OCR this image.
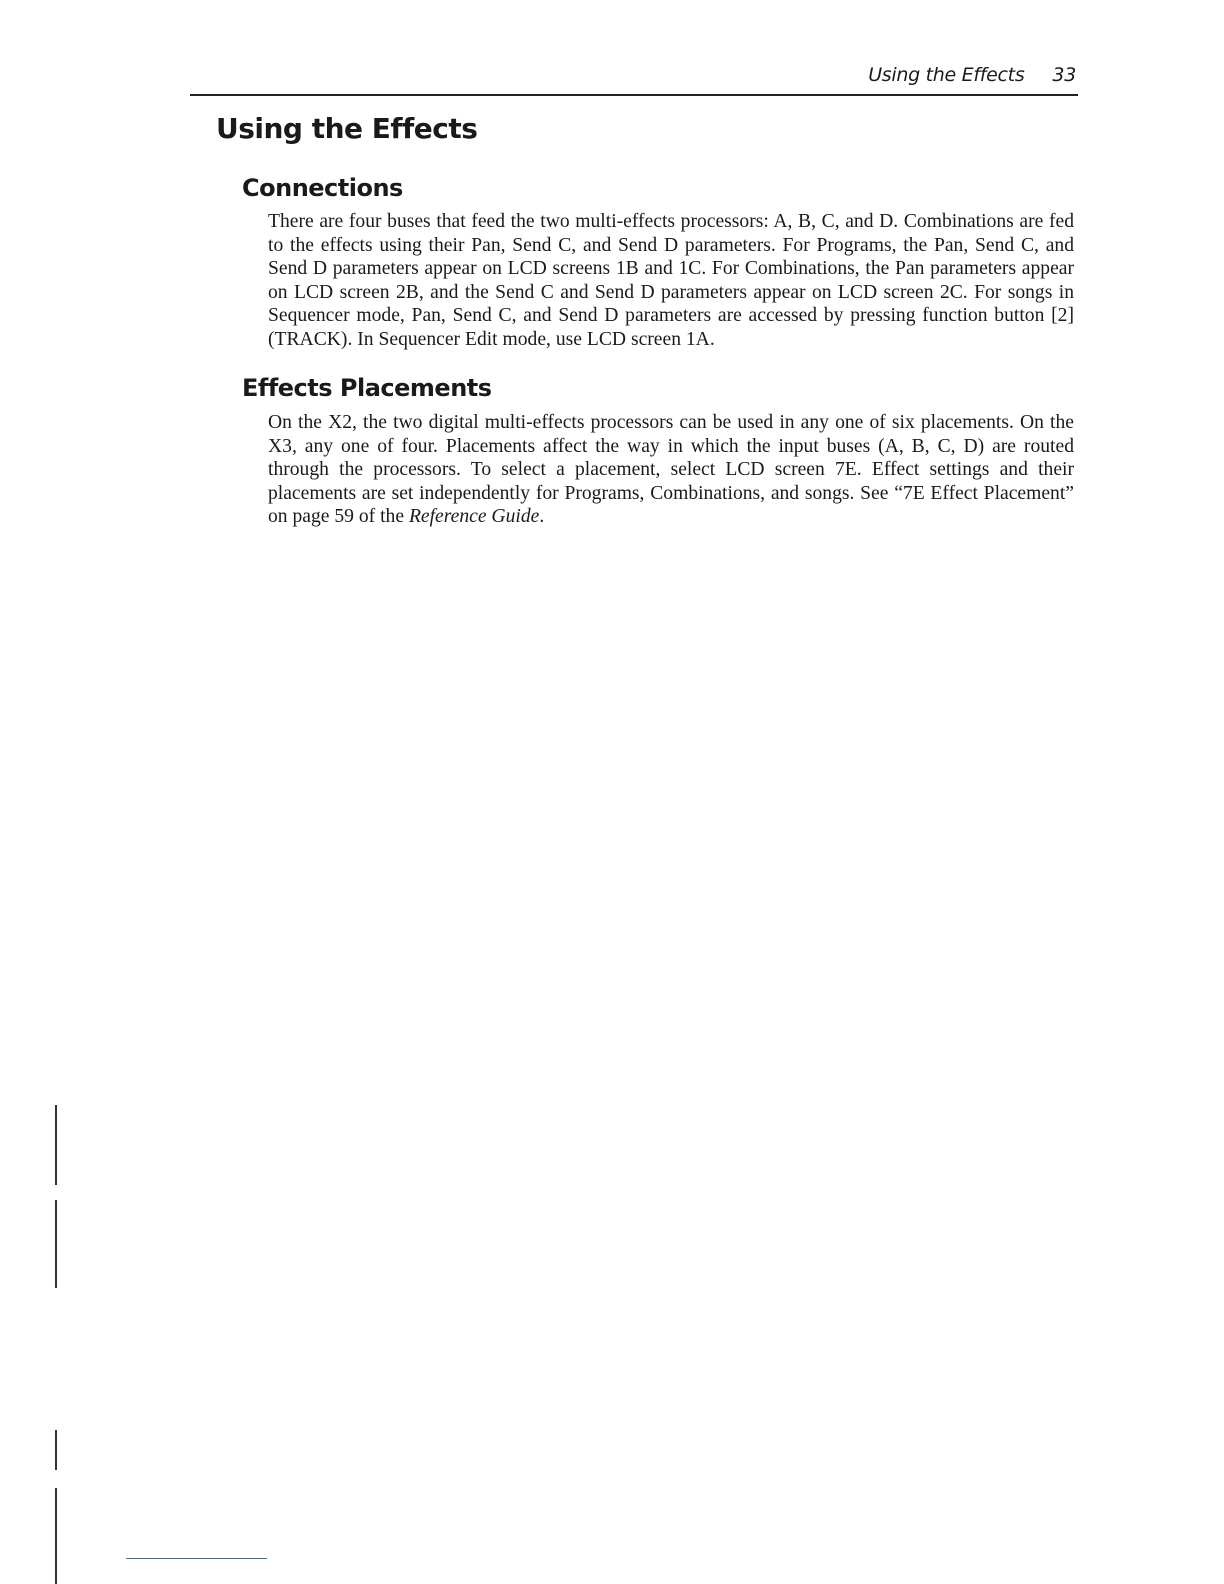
Using the Effects 33
Using the Effects
Connections

There are four buses that feed the two multi-effects processors: A, B, C, and D. Combinations are fed to the effects using their Pan, Send C, and Send D parameters. For Programs, the Pan, Send C, and Send D parameters appear on LCD screens 1B and 1C. For Combinations, the Pan parameters appear on LCD screen 2B, and the Send C and Send D parameters appear on LCD screen 2C. For songs in Sequencer mode, Pan, Send C, and Send D parameters are accessed by pressing function button [2] (TRACK). In Sequencer Edit mode, use LCD screen 1A.

Effects Placements

On the X2, the two digital multi-effects processors can be used in any one of six placements. On the X3, any one of four. Placements affect the way in which the input buses (A, B, C, D) are routed through the processors. To select a placement, select LCD screen 7E. Effect settings and their placements are set independently for Programs, Combinations, and songs. See “7E Effect Placement” on page 59 of the Reference Guide.
